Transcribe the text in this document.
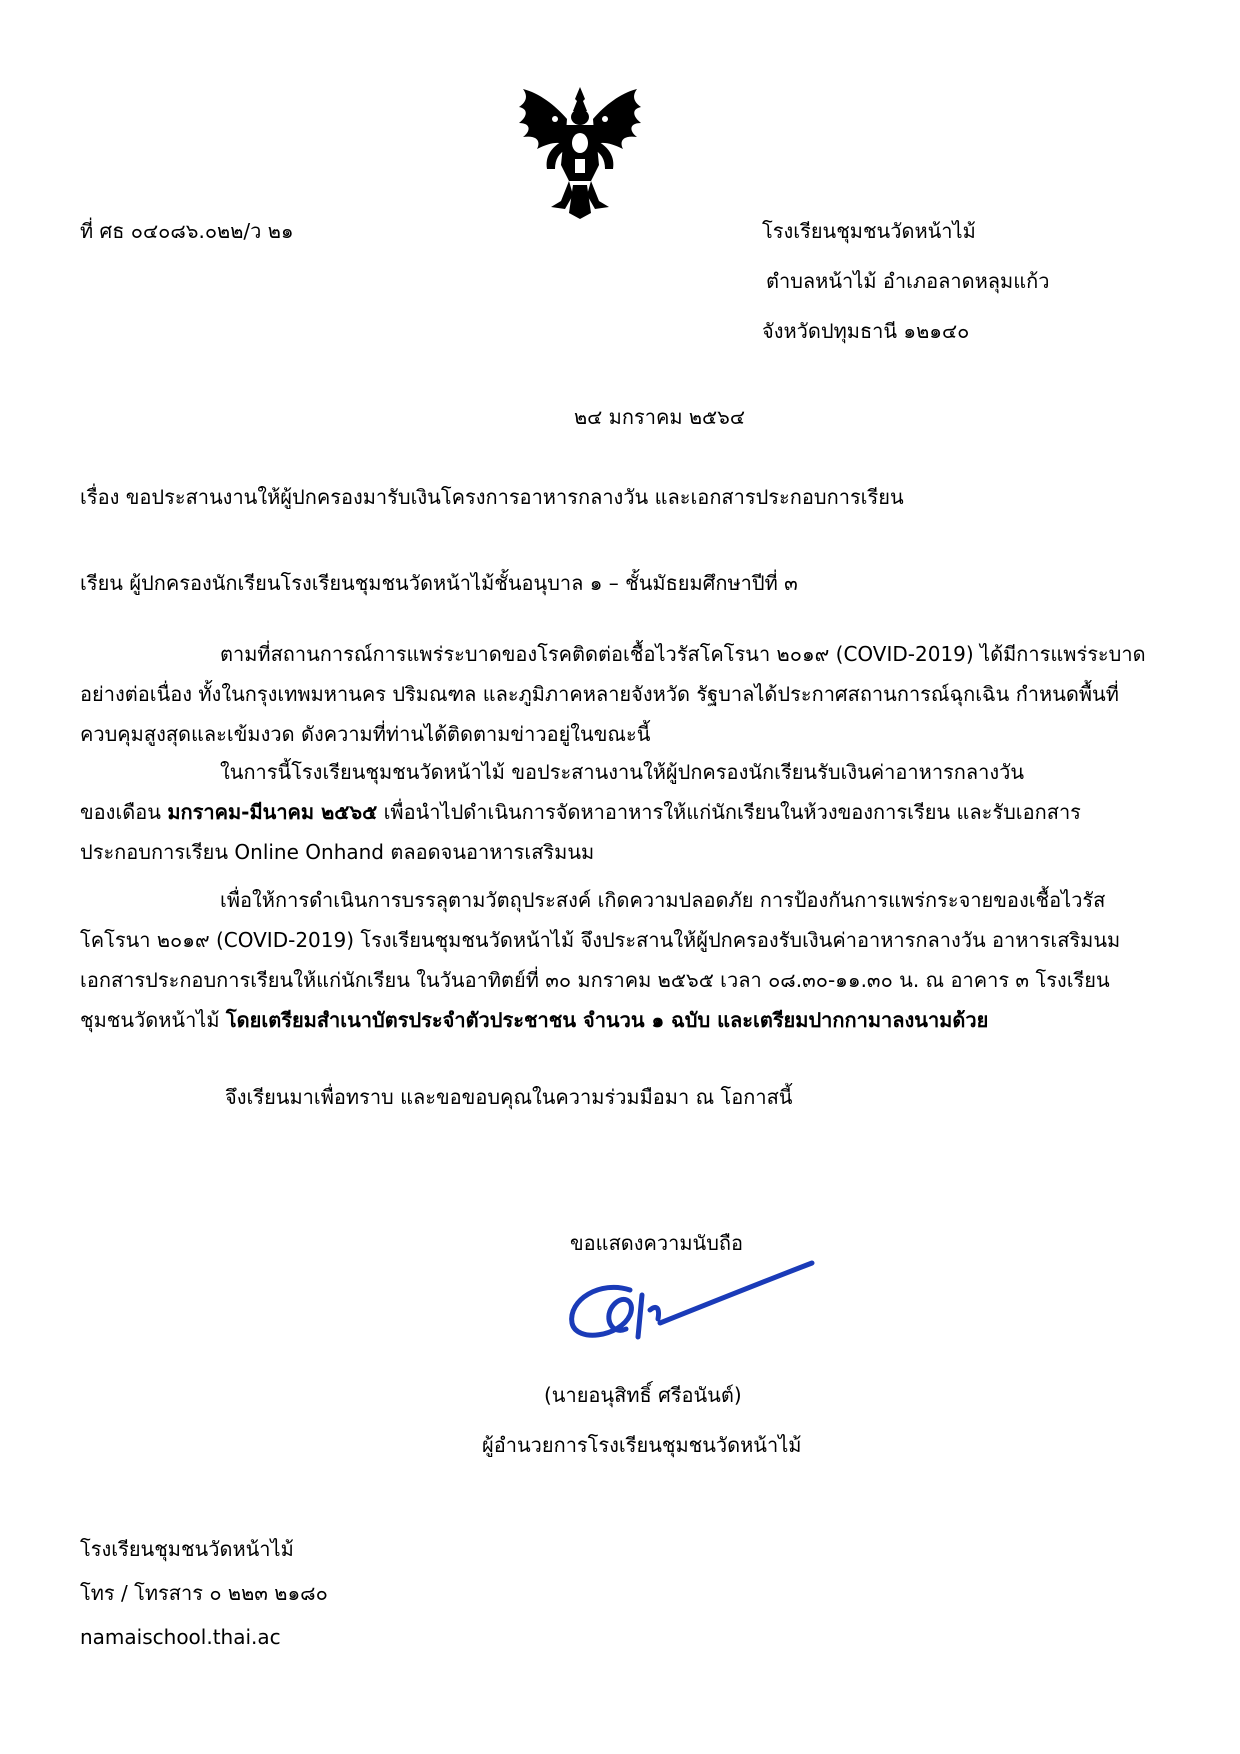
ที่ ศธ ๐๔๐๘๖.๐๒๒/ว ๒๑	โรงเรียนชุมชนวัดหน้าไม้
ตำบลหน้าไม้ อำเภอลาดหลุมแก้ว
จังหวัดปทุมธานี ๑๒๑๔๐
๒๔ มกราคม ๒๕๖๔
เรื่อง ขอประสานงานให้ผู้ปกครองมารับเงินโครงการอาหารกลางวัน และเอกสารประกอบการเรียน
เรียน ผู้ปกครองนักเรียนโรงเรียนชุมชนวัดหน้าไม้ชั้นอนุบาล ๑ – ชั้นมัธยมศึกษาปีที่ ๓
ตามที่สถานการณ์การแพร่ระบาดของโรคติดต่อเชื้อไวรัสโคโรนา ๒๐๑๙ (COVID-2019) ได้มีการแพร่ระบาด
อย่างต่อเนื่อง ทั้งในกรุงเทพมหานคร ปริมณฑล และภูมิภาคหลายจังหวัด รัฐบาลได้ประกาศสถานการณ์ฉุกเฉิน กำหนดพื้นที่
ควบคุมสูงสุดและเข้มงวด ดังความที่ท่านได้ติดตามข่าวอยู่ในขณะนี้
ในการนี้โรงเรียนชุมชนวัดหน้าไม้ ขอประสานงานให้ผู้ปกครองนักเรียนรับเงินค่าอาหารกลางวัน
ของเดือน มกราคม-มีนาคม ๒๕๖๕ เพื่อนำไปดำเนินการจัดหาอาหารให้แก่นักเรียนในห้วงของการเรียน และรับเอกสาร
ประกอบการเรียน Online Onhand ตลอดจนอาหารเสริมนม
เพื่อให้การดำเนินการบรรลุตามวัตถุประสงค์ เกิดความปลอดภัย การป้องกันการแพร่กระจายของเชื้อไวรัส
โคโรนา ๒๐๑๙ (COVID-2019) โรงเรียนชุมชนวัดหน้าไม้ จึงประสานให้ผู้ปกครองรับเงินค่าอาหารกลางวัน อาหารเสริมนม
เอกสารประกอบการเรียนให้แก่นักเรียน ในวันอาทิตย์ที่ ๓๐ มกราคม ๒๕๖๕ เวลา ๐๘.๓๐-๑๑.๓๐ น. ณ อาคาร ๓ โรงเรียน
ชุมชนวัดหน้าไม้ โดยเตรียมสำเนาบัตรประจำตัวประชาชน จำนวน ๑ ฉบับ และเตรียมปากกามาลงนามด้วย
จึงเรียนมาเพื่อทราบ และขอขอบคุณในความร่วมมือมา ณ โอกาสนี้
ขอแสดงความนับถือ
(นายอนุสิทธิ์ ศรีอนันต์)
ผู้อำนวยการโรงเรียนชุมชนวัดหน้าไม้
โรงเรียนชุมชนวัดหน้าไม้
โทร / โทรสาร ๐ ๒๒๓ ๒๑๘๐
namaischool.thai.ac
